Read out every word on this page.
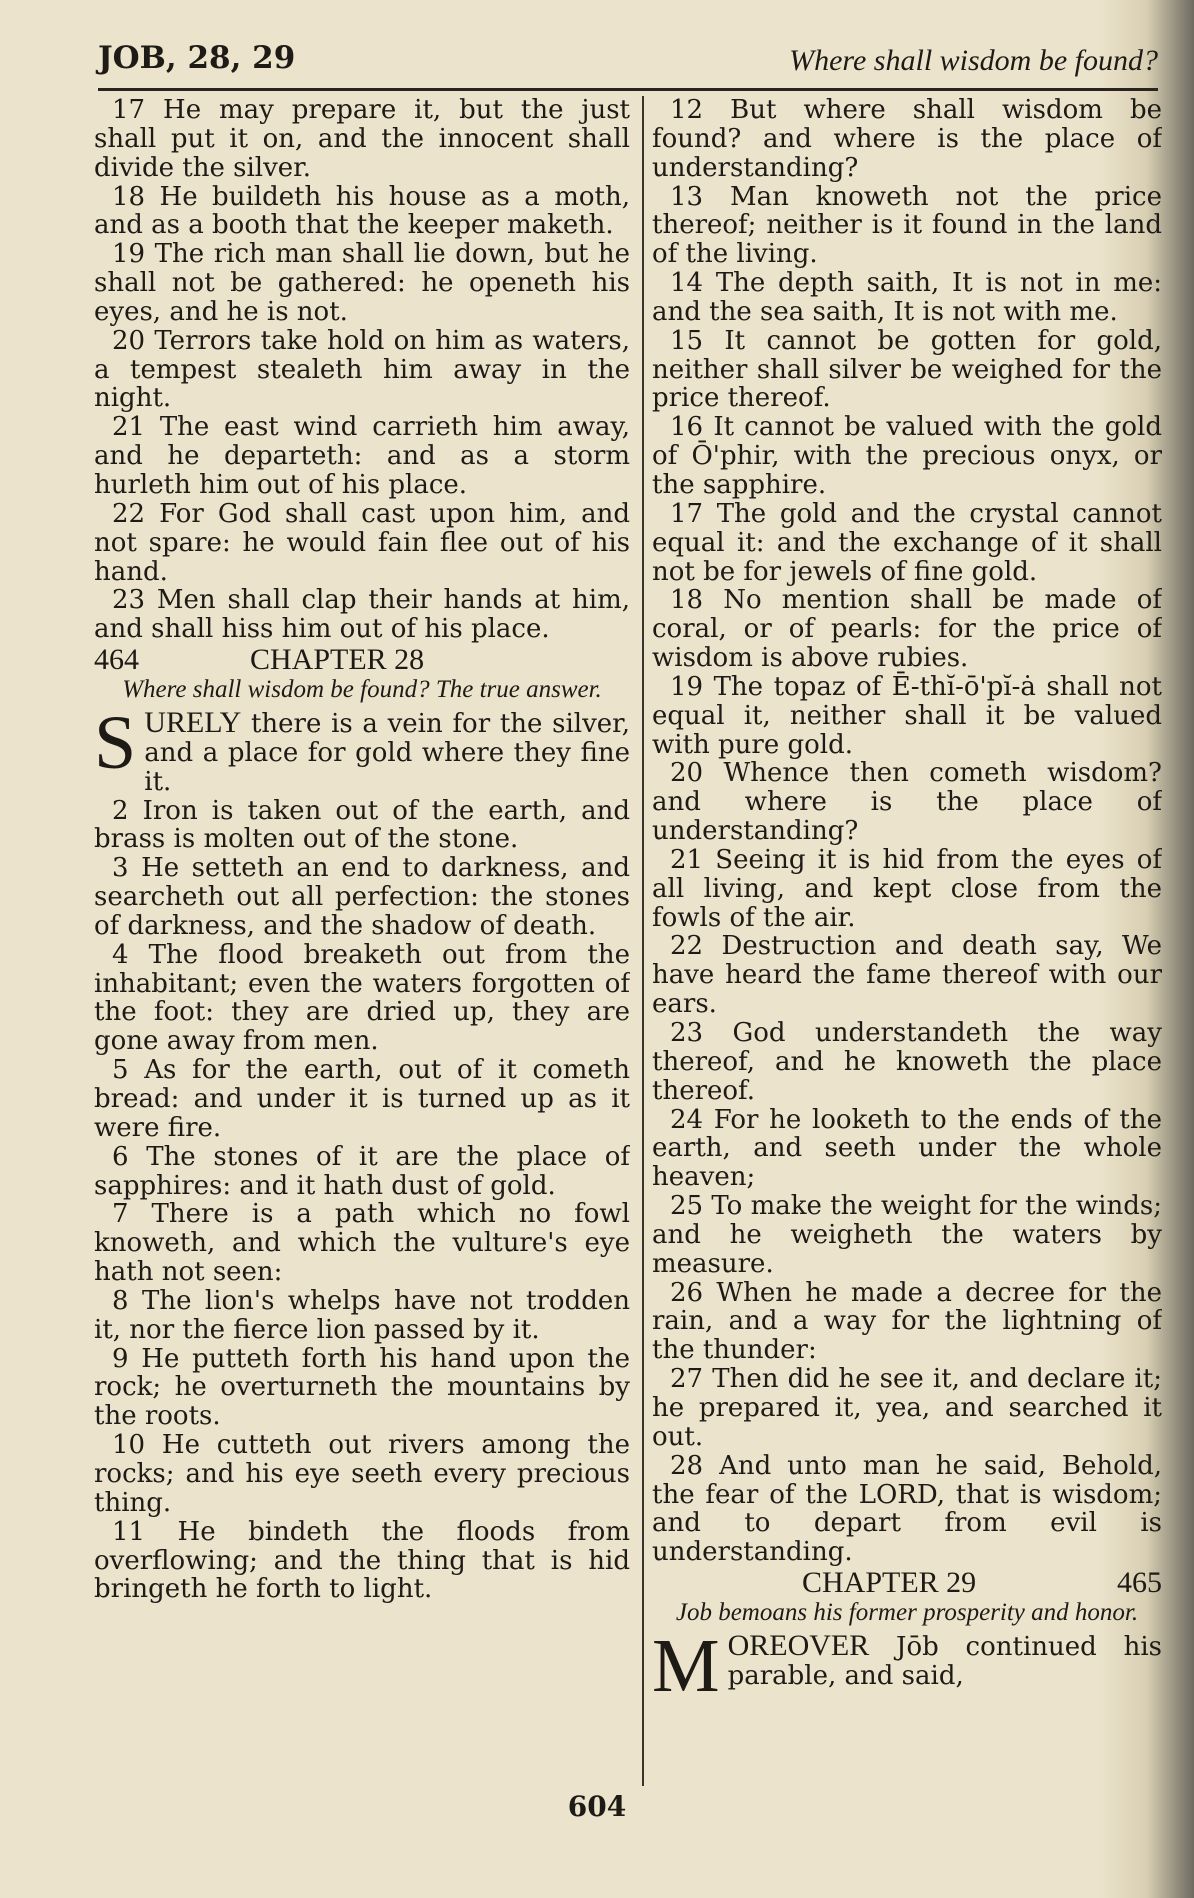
JOB, 28, 29	Where shall wisdom be found?

17 He may prepare it, but the just shall put it on, and the innocent shall divide the silver.

18 He buildeth his house as a moth, and as a booth that the keeper maketh.

19 The rich man shall lie down, but he shall not be gathered: he openeth his eyes, and he is not.

20 Terrors take hold on him as waters, a tempest stealeth him away in the night.

21 The east wind carrieth him away, and he departeth: and as a storm hurleth him out of his place.

22 For God shall cast upon him, and not spare: he would fain flee out of his hand.

23 Men shall clap their hands at him, and shall hiss him out of his place.

464	CHAPTER 28

Where shall wisdom be found? The true answer.

SURELY there is a vein for the silver, and a place for gold where they fine it.

2 Iron is taken out of the earth, and brass is molten out of the stone.

3 He setteth an end to darkness, and searcheth out all perfection: the stones of darkness, and the shadow of death.

4 The flood breaketh out from the inhabitant; even the waters forgotten of the foot: they are dried up, they are gone away from men.

5 As for the earth, out of it cometh bread: and under it is turned up as it were fire.

6 The stones of it are the place of sapphires: and it hath dust of gold.

7 There is a path which no fowl knoweth, and which the vulture's eye hath not seen:

8 The lion's whelps have not trodden it, nor the fierce lion passed by it.

9 He putteth forth his hand upon the rock; he overturneth the mountains by the roots.

10 He cutteth out rivers among the rocks; and his eye seeth every precious thing.

11 He bindeth the floods from overflowing; and the thing that is hid bringeth he forth to light.

12 But where shall wisdom be found? and where is the place of understanding?

13 Man knoweth not the price thereof; neither is it found in the land of the living.

14 The depth saith, It is not in me: and the sea saith, It is not with me.

15 It cannot be gotten for gold, neither shall silver be weighed for the price thereof.

16 It cannot be valued with the gold of Ō'phir, with the precious onyx, or the sapphire.

17 The gold and the crystal cannot equal it: and the exchange of it shall not be for jewels of fine gold.

18 No mention shall be made of coral, or of pearls: for the price of wisdom is above rubies.

19 The topaz of Ē-thĭ-ō'pĭ-ȧ shall not equal it, neither shall it be valued with pure gold.

20 Whence then cometh wisdom? and where is the place of understanding?

21 Seeing it is hid from the eyes of all living, and kept close from the fowls of the air.

22 Destruction and death say, We have heard the fame thereof with our ears.

23 God understandeth the way thereof, and he knoweth the place thereof.

24 For he looketh to the ends of the earth, and seeth under the whole heaven;

25 To make the weight for the winds; and he weigheth the waters by measure.

26 When he made a decree for the rain, and a way for the lightning of the thunder:

27 Then did he see it, and declare it; he prepared it, yea, and searched it out.

28 And unto man he said, Behold, the fear of the LORD, that is wisdom; and to depart from evil is understanding.

CHAPTER 29	465

Job bemoans his former prosperity and honor.

MOREOVER Jōb continued his parable, and said,

604
